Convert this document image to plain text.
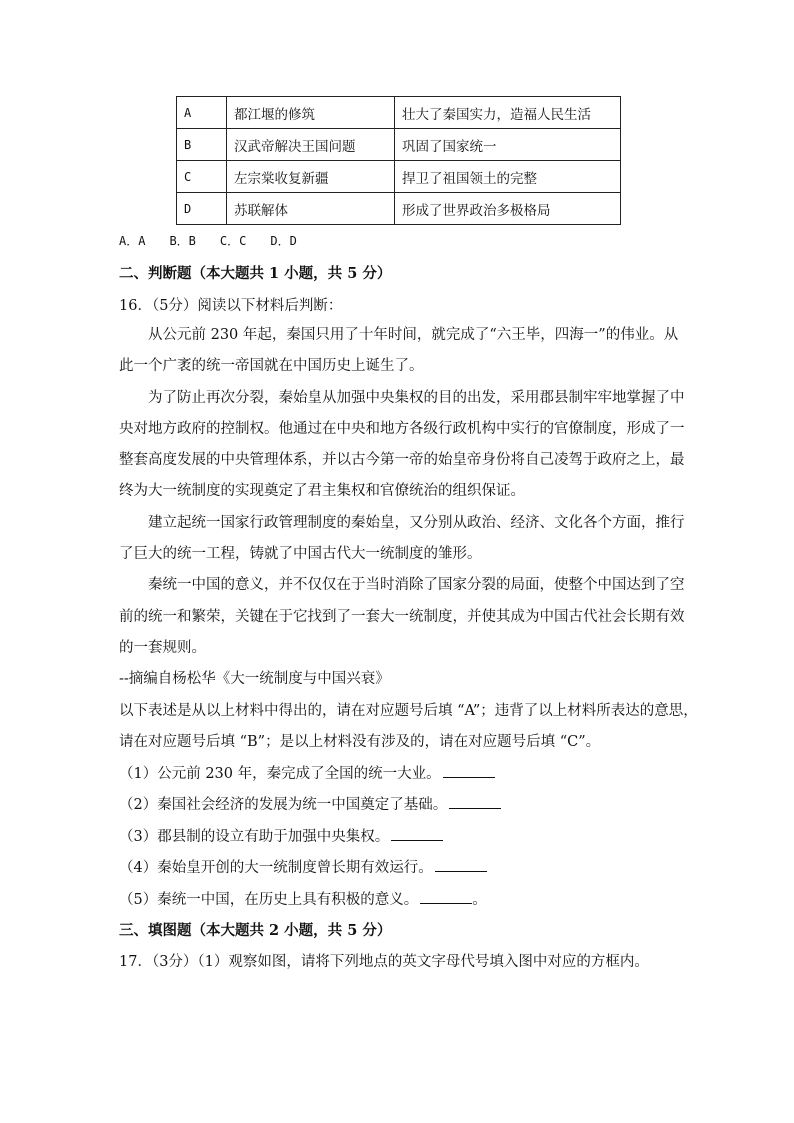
A	都江堰的修筑	壮大了秦国实力，造福人民生活
B	汉武帝解决王国问题	巩固了国家统一
C	左宗棠收复新疆	捍卫了祖国领土的完整
D	苏联解体	形成了世界政治多极格局
A．A　　B．B　　C．C　　D．D
二、判断题（本大题共 1 小题，共 5 分）
16．（5分）阅读以下材料后判断：
从公元前 230 年起，秦国只用了十年时间，就完成了“六王毕，四海一”的伟业。从
此一个广袤的统一帝国就在中国历史上诞生了。
为了防止再次分裂，秦始皇从加强中央集权的目的出发，采用郡县制牢牢地掌握了中
央对地方政府的控制权。他通过在中央和地方各级行政机构中实行的官僚制度，形成了一
整套高度发展的中央管理体系，并以古今第一帝的始皇帝身份将自己凌驾于政府之上，最
终为大一统制度的实现奠定了君主集权和官僚统治的组织保证。
建立起统一国家行政管理制度的秦始皇，又分别从政治、经济、文化各个方面，推行
了巨大的统一工程，铸就了中国古代大一统制度的雏形。
秦统一中国的意义，并不仅仅在于当时消除了国家分裂的局面，使整个中国达到了空
前的统一和繁荣，关键在于它找到了一套大一统制度，并使其成为中国古代社会长期有效
的一套规则。
--摘编自杨松华《大一统制度与中国兴衰》
以下表述是从以上材料中得出的，请在对应题号后填 “A”；违背了以上材料所表达的意思，
请在对应题号后填 “B”；是以上材料没有涉及的，请在对应题号后填 “C”。
（1）公元前 230 年，秦完成了全国的统一大业。
（2）秦国社会经济的发展为统一中国奠定了基础。
（3）郡县制的设立有助于加强中央集权。
（4）秦始皇开创的大一统制度曾长期有效运行。
（5）秦统一中国，在历史上具有积极的意义。	。
三、填图题（本大题共 2 小题，共 5 分）
17．（3分）（1）观察如图，请将下列地点的英文字母代号填入图中对应的方框内。
